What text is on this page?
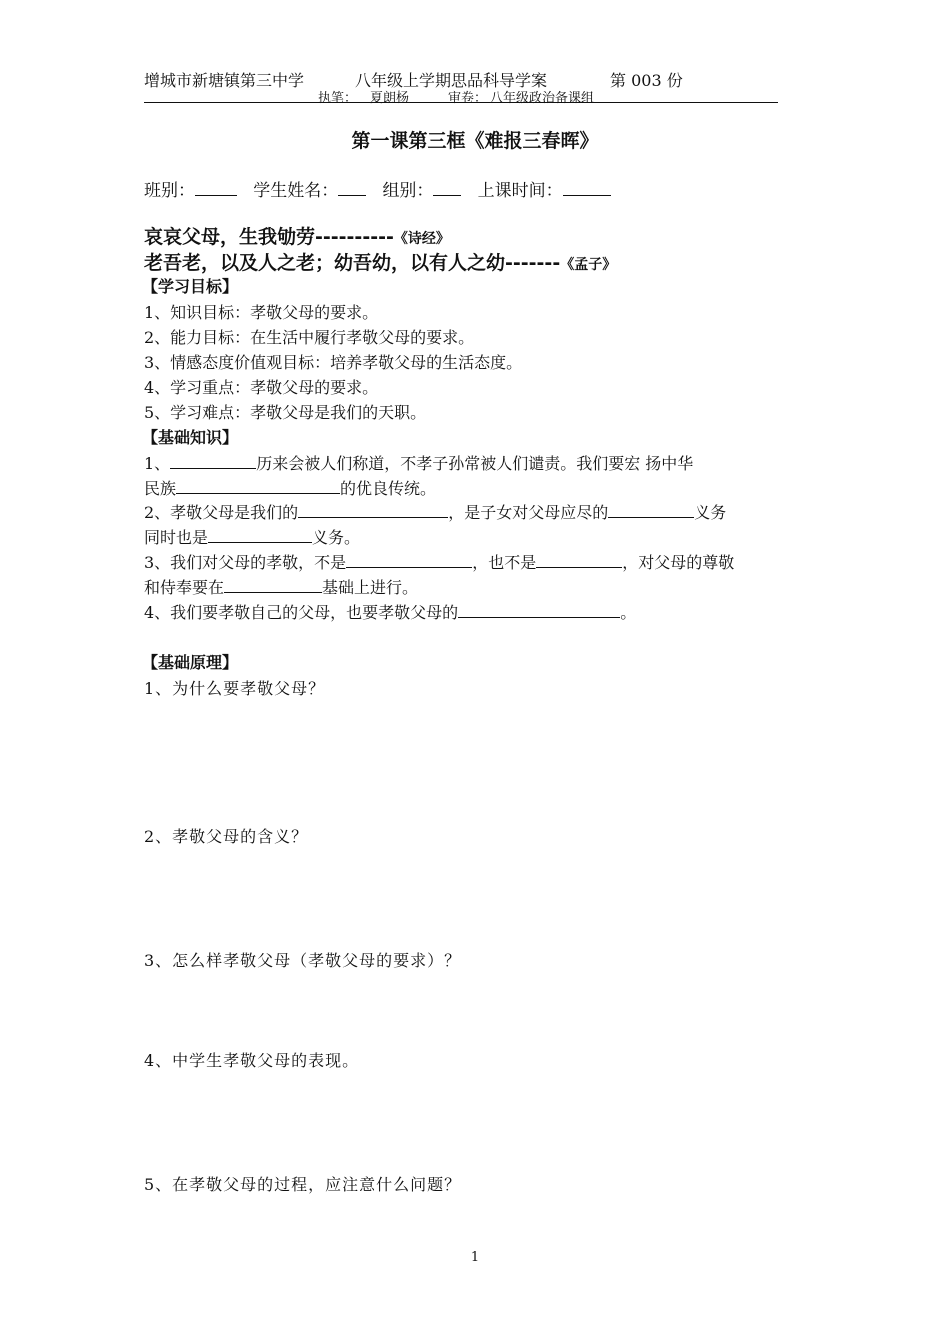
增城市新塘镇第三中学	八年级上学期思品科导学案	第 003 份
执笔： 夏朗杨	审卷： 八年级政治备课组
第一课第三框《难报三春晖》
班别：	学生姓名：	组别：	上课时间：
哀哀父母，生我劬劳----------《诗经》
老吾老，以及人之老；幼吾幼，以有人之幼-------《孟子》
【学习目标】
1、知识目标：孝敬父母的要求。
2、能力目标：在生活中履行孝敬父母的要求。
3、情感态度价值观目标：培养孝敬父母的生活态度。
4、学习重点：孝敬父母的要求。
5、学习难点：孝敬父母是我们的天职。
【基础知识】
1、	历来会被人们称道，不孝子孙常被人们谴责。我们要宏 扬中华
民族	的优良传统。
2、孝敬父母是我们的	，是子女对父母应尽的	义务
同时也是	义务。
3、我们对父母的孝敬，不是	，也不是	，对父母的尊敬
和侍奉要在	基础上进行。
4、我们要孝敬自己的父母，也要孝敬父母的	。
【基础原理】
1、为什么要孝敬父母？
2、孝敬父母的含义？
3、怎么样孝敬父母（孝敬父母的要求）？
4、中学生孝敬父母的表现。
5、在孝敬父母的过程，应注意什么问题？
1
